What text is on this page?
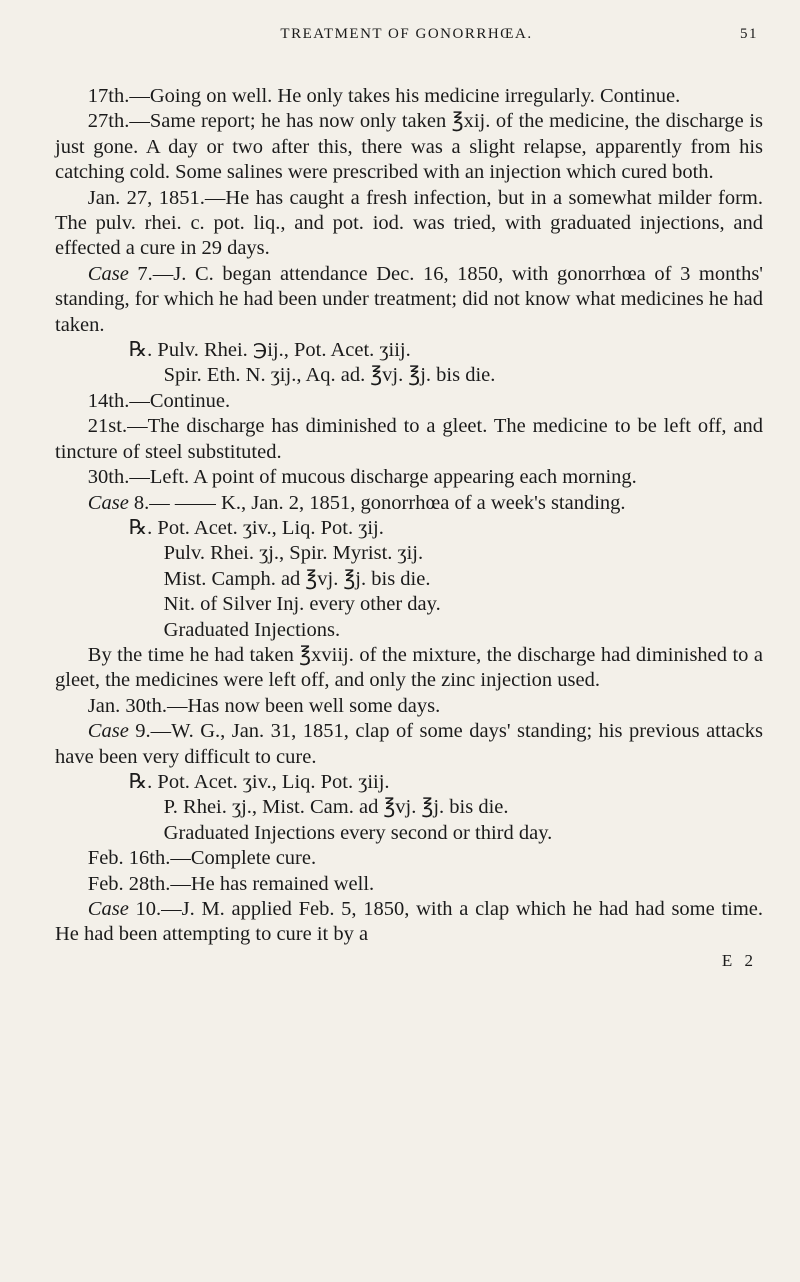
TREATMENT OF GONORRHŒA.	51

17th.—Going on well. He only takes his medicine irregularly. Continue.

27th.—Same report; he has now only taken ℥xij. of the medicine, the discharge is just gone. A day or two after this, there was a slight relapse, apparently from his catching cold. Some salines were prescribed with an injection which cured both.

Jan. 27, 1851.—He has caught a fresh infection, but in a somewhat milder form. The pulv. rhei. c. pot. liq., and pot. iod. was tried, with graduated injections, and effected a cure in 29 days.

Case 7.—J. C. began attendance Dec. 16, 1850, with gonorrhœa of 3 months' standing, for which he had been under treatment; did not know what medicines he had taken.

℞. Pulv. Rhei. ℈ij., Pot. Acet. ʒiij.

Spir. Eth. N. ʒij., Aq. ad. ℥vj. ℥j. bis die.

14th.—Continue.

21st.—The discharge has diminished to a gleet. The medicine to be left off, and tincture of steel substituted.

30th.—Left. A point of mucous discharge appearing each morning.

Case 8.— —— K., Jan. 2, 1851, gonorrhœa of a week's standing.

℞. Pot. Acet. ʒiv., Liq. Pot. ʒij.

Pulv. Rhei. ʒj., Spir. Myrist. ʒij.

Mist. Camph. ad ℥vj. ℥j. bis die.

Nit. of Silver Inj. every other day.

Graduated Injections.

By the time he had taken ℥xviij. of the mixture, the discharge had diminished to a gleet, the medicines were left off, and only the zinc injection used.

Jan. 30th.—Has now been well some days.

Case 9.—W. G., Jan. 31, 1851, clap of some days' standing; his previous attacks have been very difficult to cure.

℞. Pot. Acet. ʒiv., Liq. Pot. ʒiij.

P. Rhei. ʒj., Mist. Cam. ad ℥vj. ℥j. bis die.

Graduated Injections every second or third day.

Feb. 16th.—Complete cure.

Feb. 28th.—He has remained well.

Case 10.—J. M. applied Feb. 5, 1850, with a clap which he had had some time. He had been attempting to cure it by a

E 2
